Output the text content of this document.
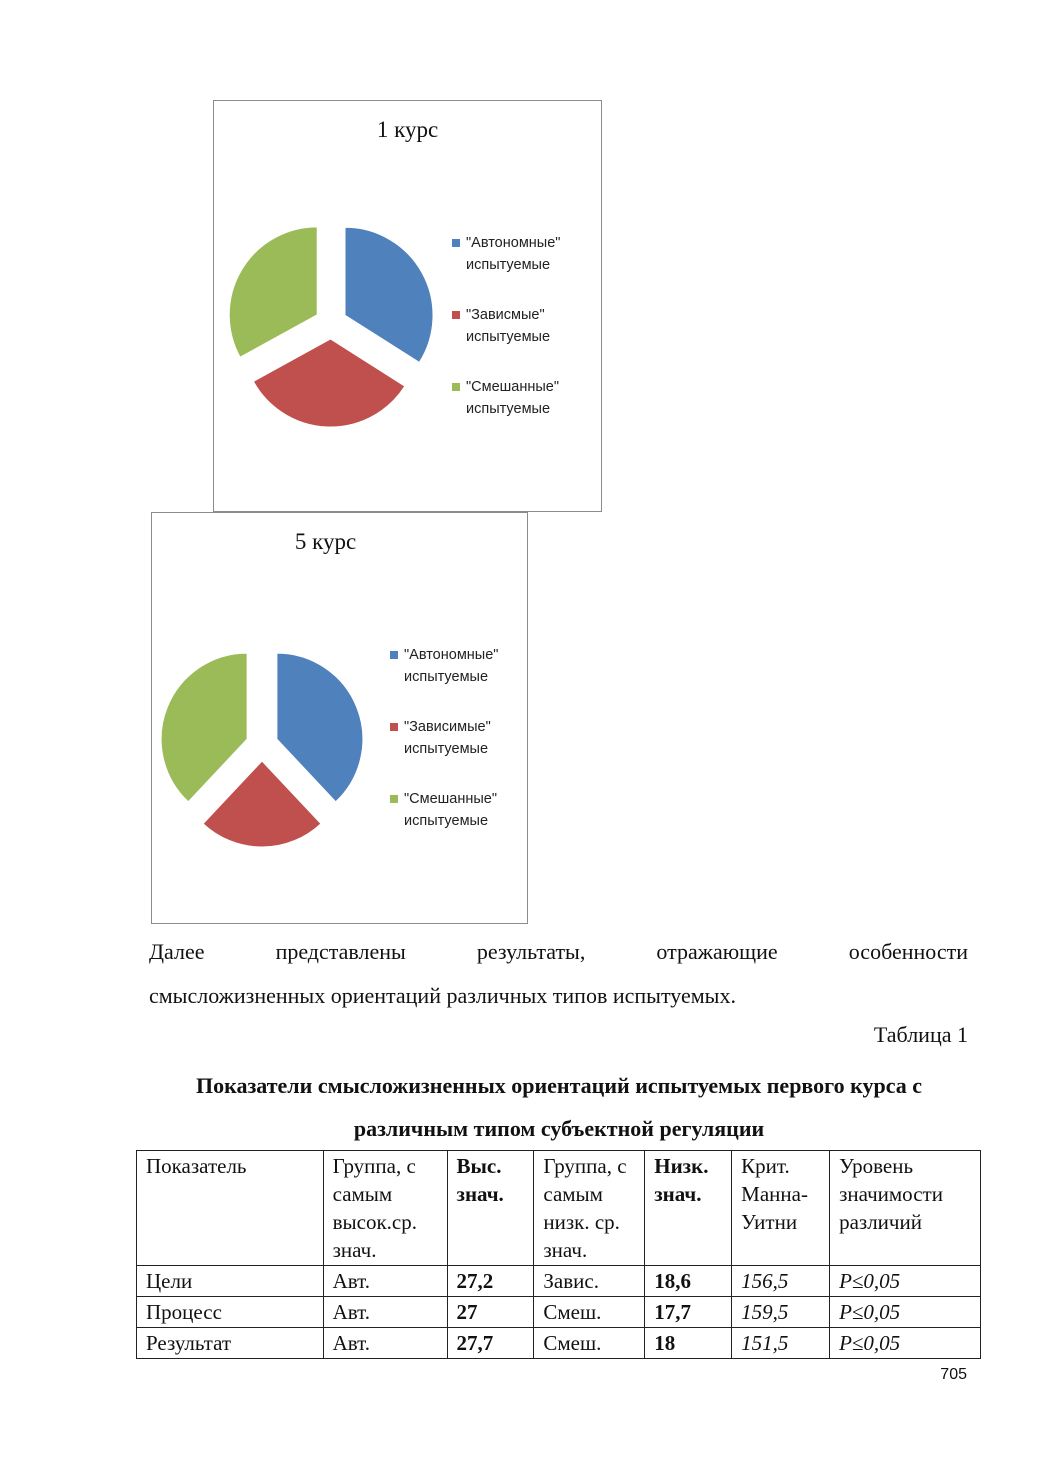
1 курс
"Автономные" испытуемые
"Зависмые" испытуемые
"Смешанные" испытуемые
5 курс
"Автономные" испытуемые
"Зависимые" испытуемые
"Смешанные" испытуемые
Далее	представлены	результаты,	отражающие	особенности
смысложизненных ориентаций различных типов испытуемых.
Таблица 1
Показатели смысложизненных ориентаций испытуемых первого курса с
различным типом субъектной регуляции
Показатель	Группа, с самым высок.ср. знач.	Выс. знач.	Группа, с самым низк. ср. знач.	Низк. знач.	Крит. Манна-Уитни	Уровень значимости различий
Цели	Авт.	27,2	Завис.	18,6	156,5	P≤0,05
Процесс	Авт.	27	Смеш.	17,7	159,5	P≤0,05
Результат	Авт.	27,7	Смеш.	18	151,5	P≤0,05
705
